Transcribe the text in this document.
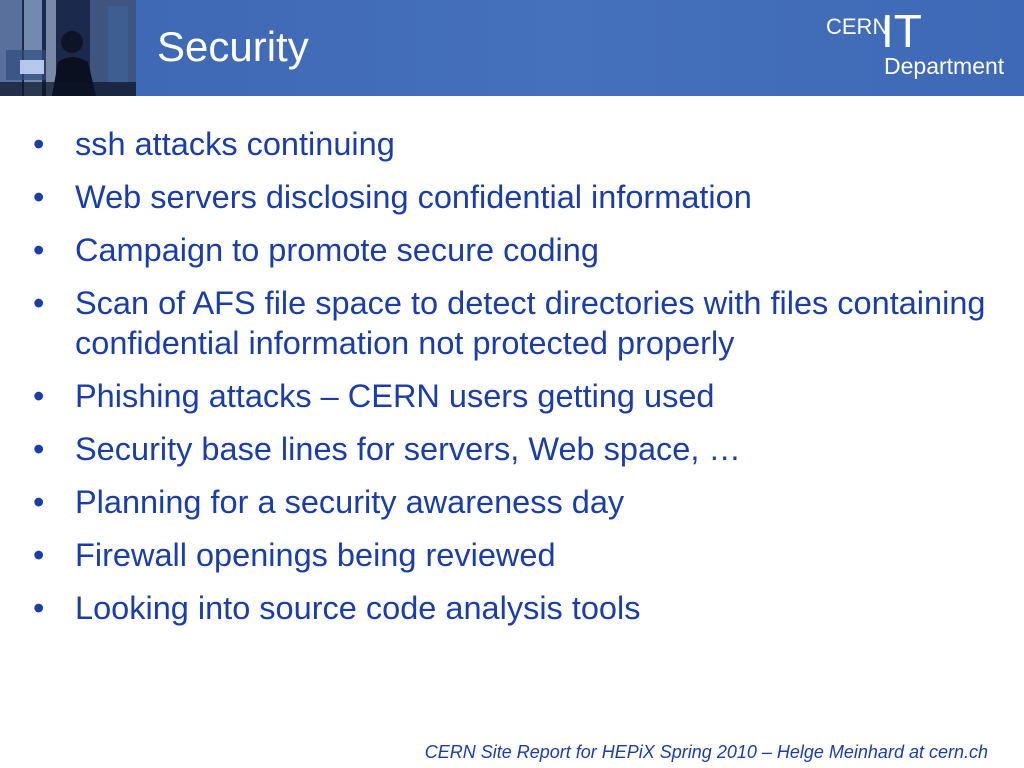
Security	CERN
IT
Department
• ssh attacks continuing
• Web servers disclosing confidential information
• Campaign to promote secure coding
• Scan of AFS file space to detect directories with files containing confidential information not protected properly
• Phishing attacks – CERN users getting used
• Security base lines for servers, Web space, …
• Planning for a security awareness day
• Firewall openings being reviewed
• Looking into source code analysis tools
CERN Site Report for HEPiX Spring 2010 – Helge Meinhard at cern.ch
